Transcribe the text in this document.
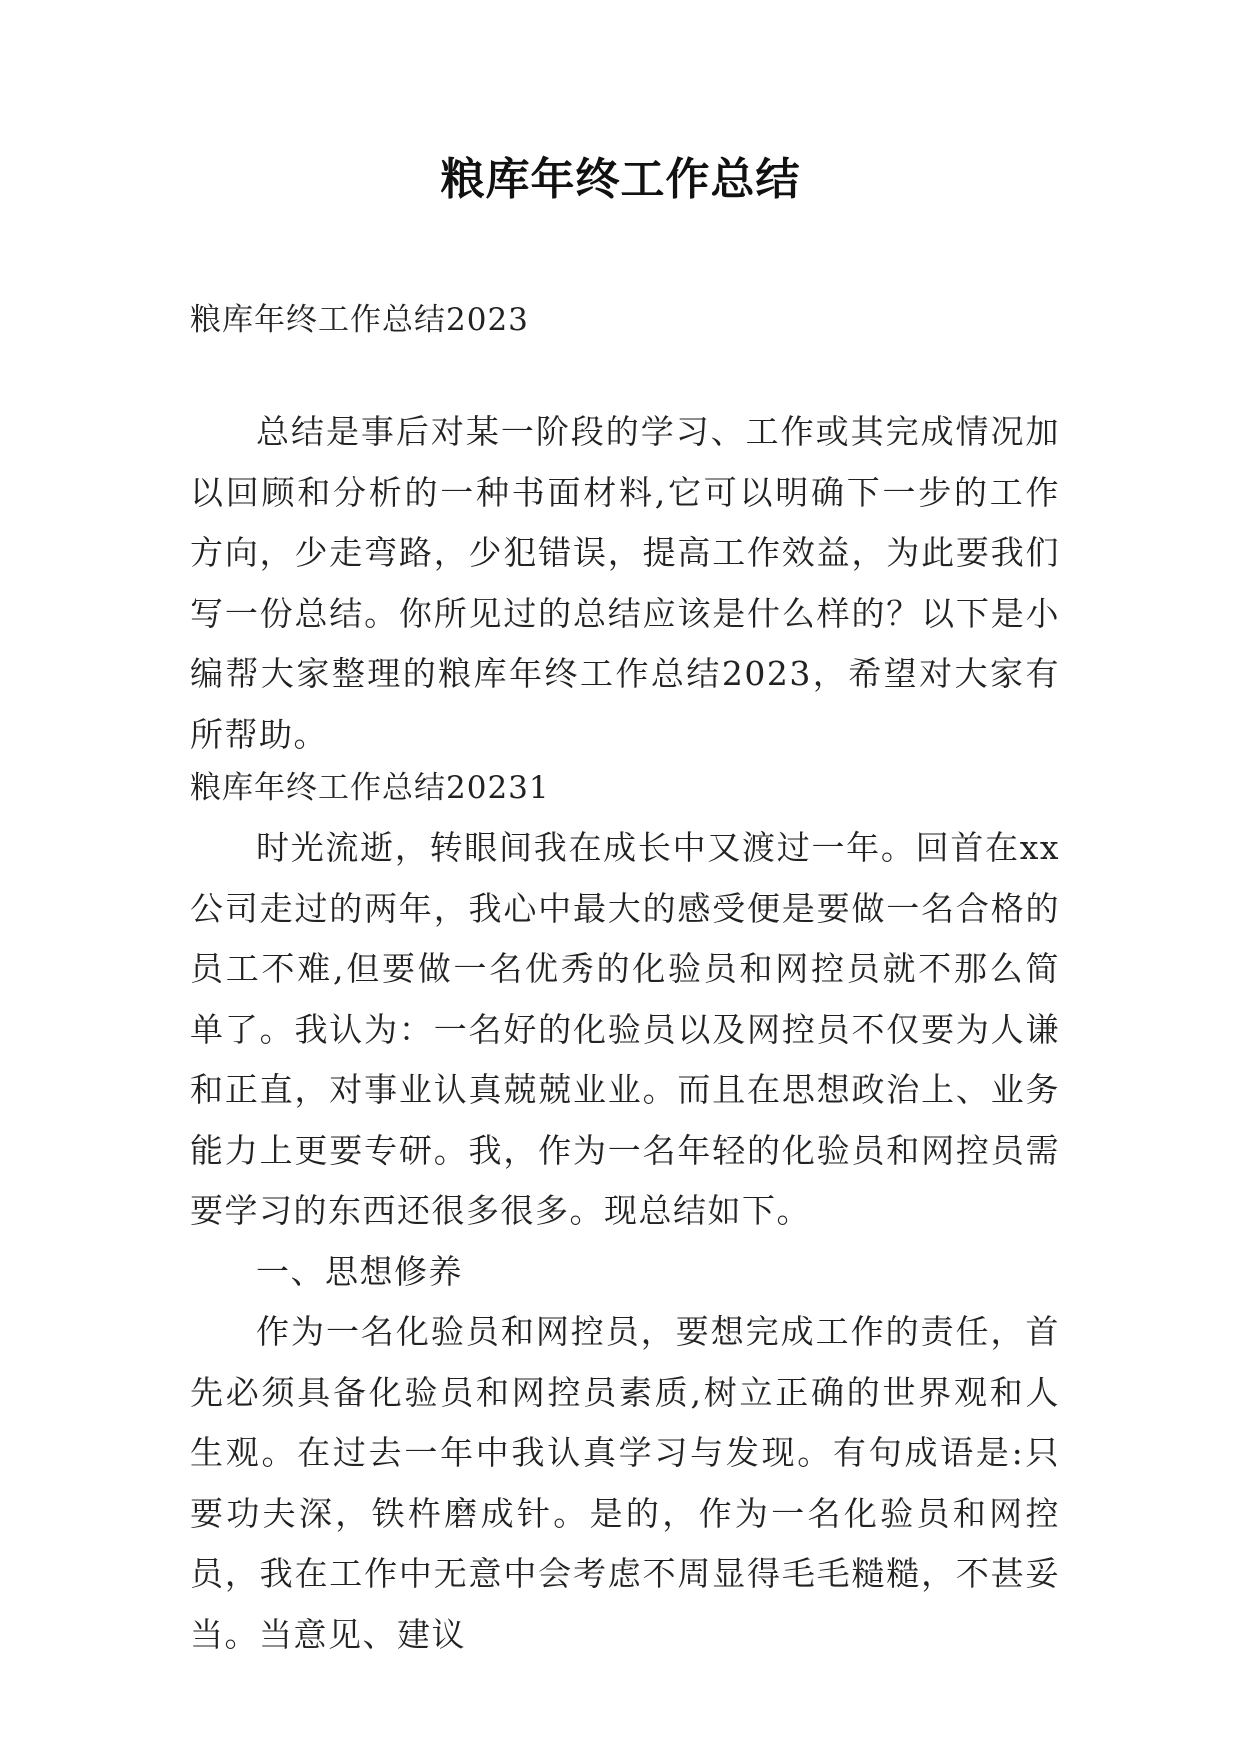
粮库年终工作总结
粮库年终工作总结2023

总结是事后对某一阶段的学习、工作或其完成情况加以回顾和分析的一种书面材料,它可以明确下一步的工作方向，少走弯路，少犯错误，提高工作效益，为此要我们写一份总结。你所见过的总结应该是什么样的？以下是小编帮大家整理的粮库年终工作总结2023，希望对大家有所帮助。

粮库年终工作总结20231

时光流逝，转眼间我在成长中又渡过一年。回首在xx公司走过的两年，我心中最大的感受便是要做一名合格的员工不难,但要做一名优秀的化验员和网控员就不那么简单了。我认为：一名好的化验员以及网控员不仅要为人谦和正直，对事业认真兢兢业业。而且在思想政治上、业务能力上更要专研。我，作为一名年轻的化验员和网控员需要学习的东西还很多很多。现总结如下。

一、思想修养

作为一名化验员和网控员，要想完成工作的责任，首先必须具备化验员和网控员素质,树立正确的世界观和人生观。在过去一年中我认真学习与发现。有句成语是:只要功夫深，铁杵磨成针。是的，作为一名化验员和网控员，我在工作中无意中会考虑不周显得毛毛糙糙，不甚妥当。当意见、建议
